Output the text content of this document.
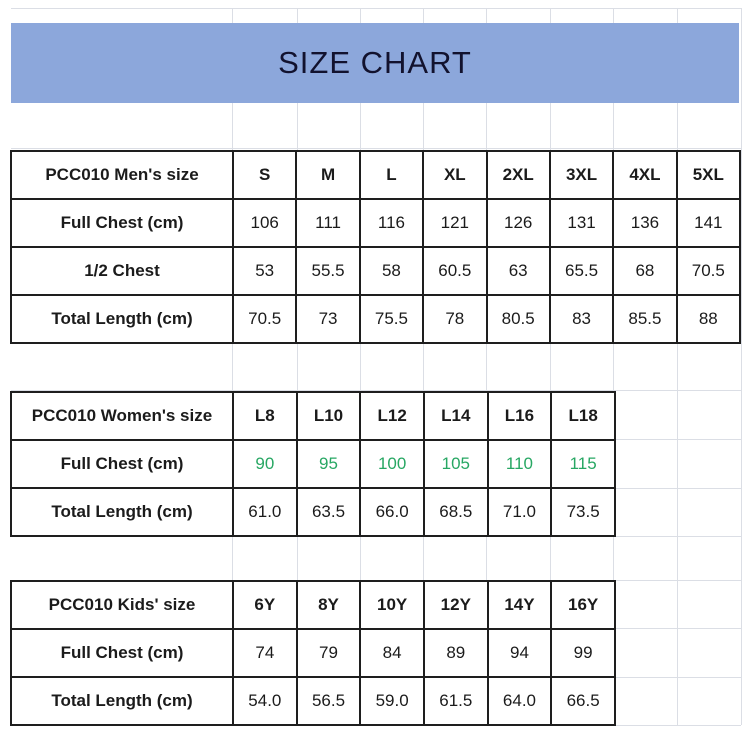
SIZE CHART
PCC010 Men's size	S	M	L	XL	2XL	3XL	4XL	5XL
Full Chest (cm)	106	111	116	121	126	131	136	141
1/2 Chest	53	55.5	58	60.5	63	65.5	68	70.5
Total Length (cm)	70.5	73	75.5	78	80.5	83	85.5	88
PCC010 Women's size	L8	L10	L12	L14	L16	L18
Full Chest (cm)	90	95	100	105	110	115
Total Length (cm)	61.0	63.5	66.0	68.5	71.0	73.5
PCC010 Kids' size	6Y	8Y	10Y	12Y	14Y	16Y
Full Chest (cm)	74	79	84	89	94	99
Total Length (cm)	54.0	56.5	59.0	61.5	64.0	66.5
